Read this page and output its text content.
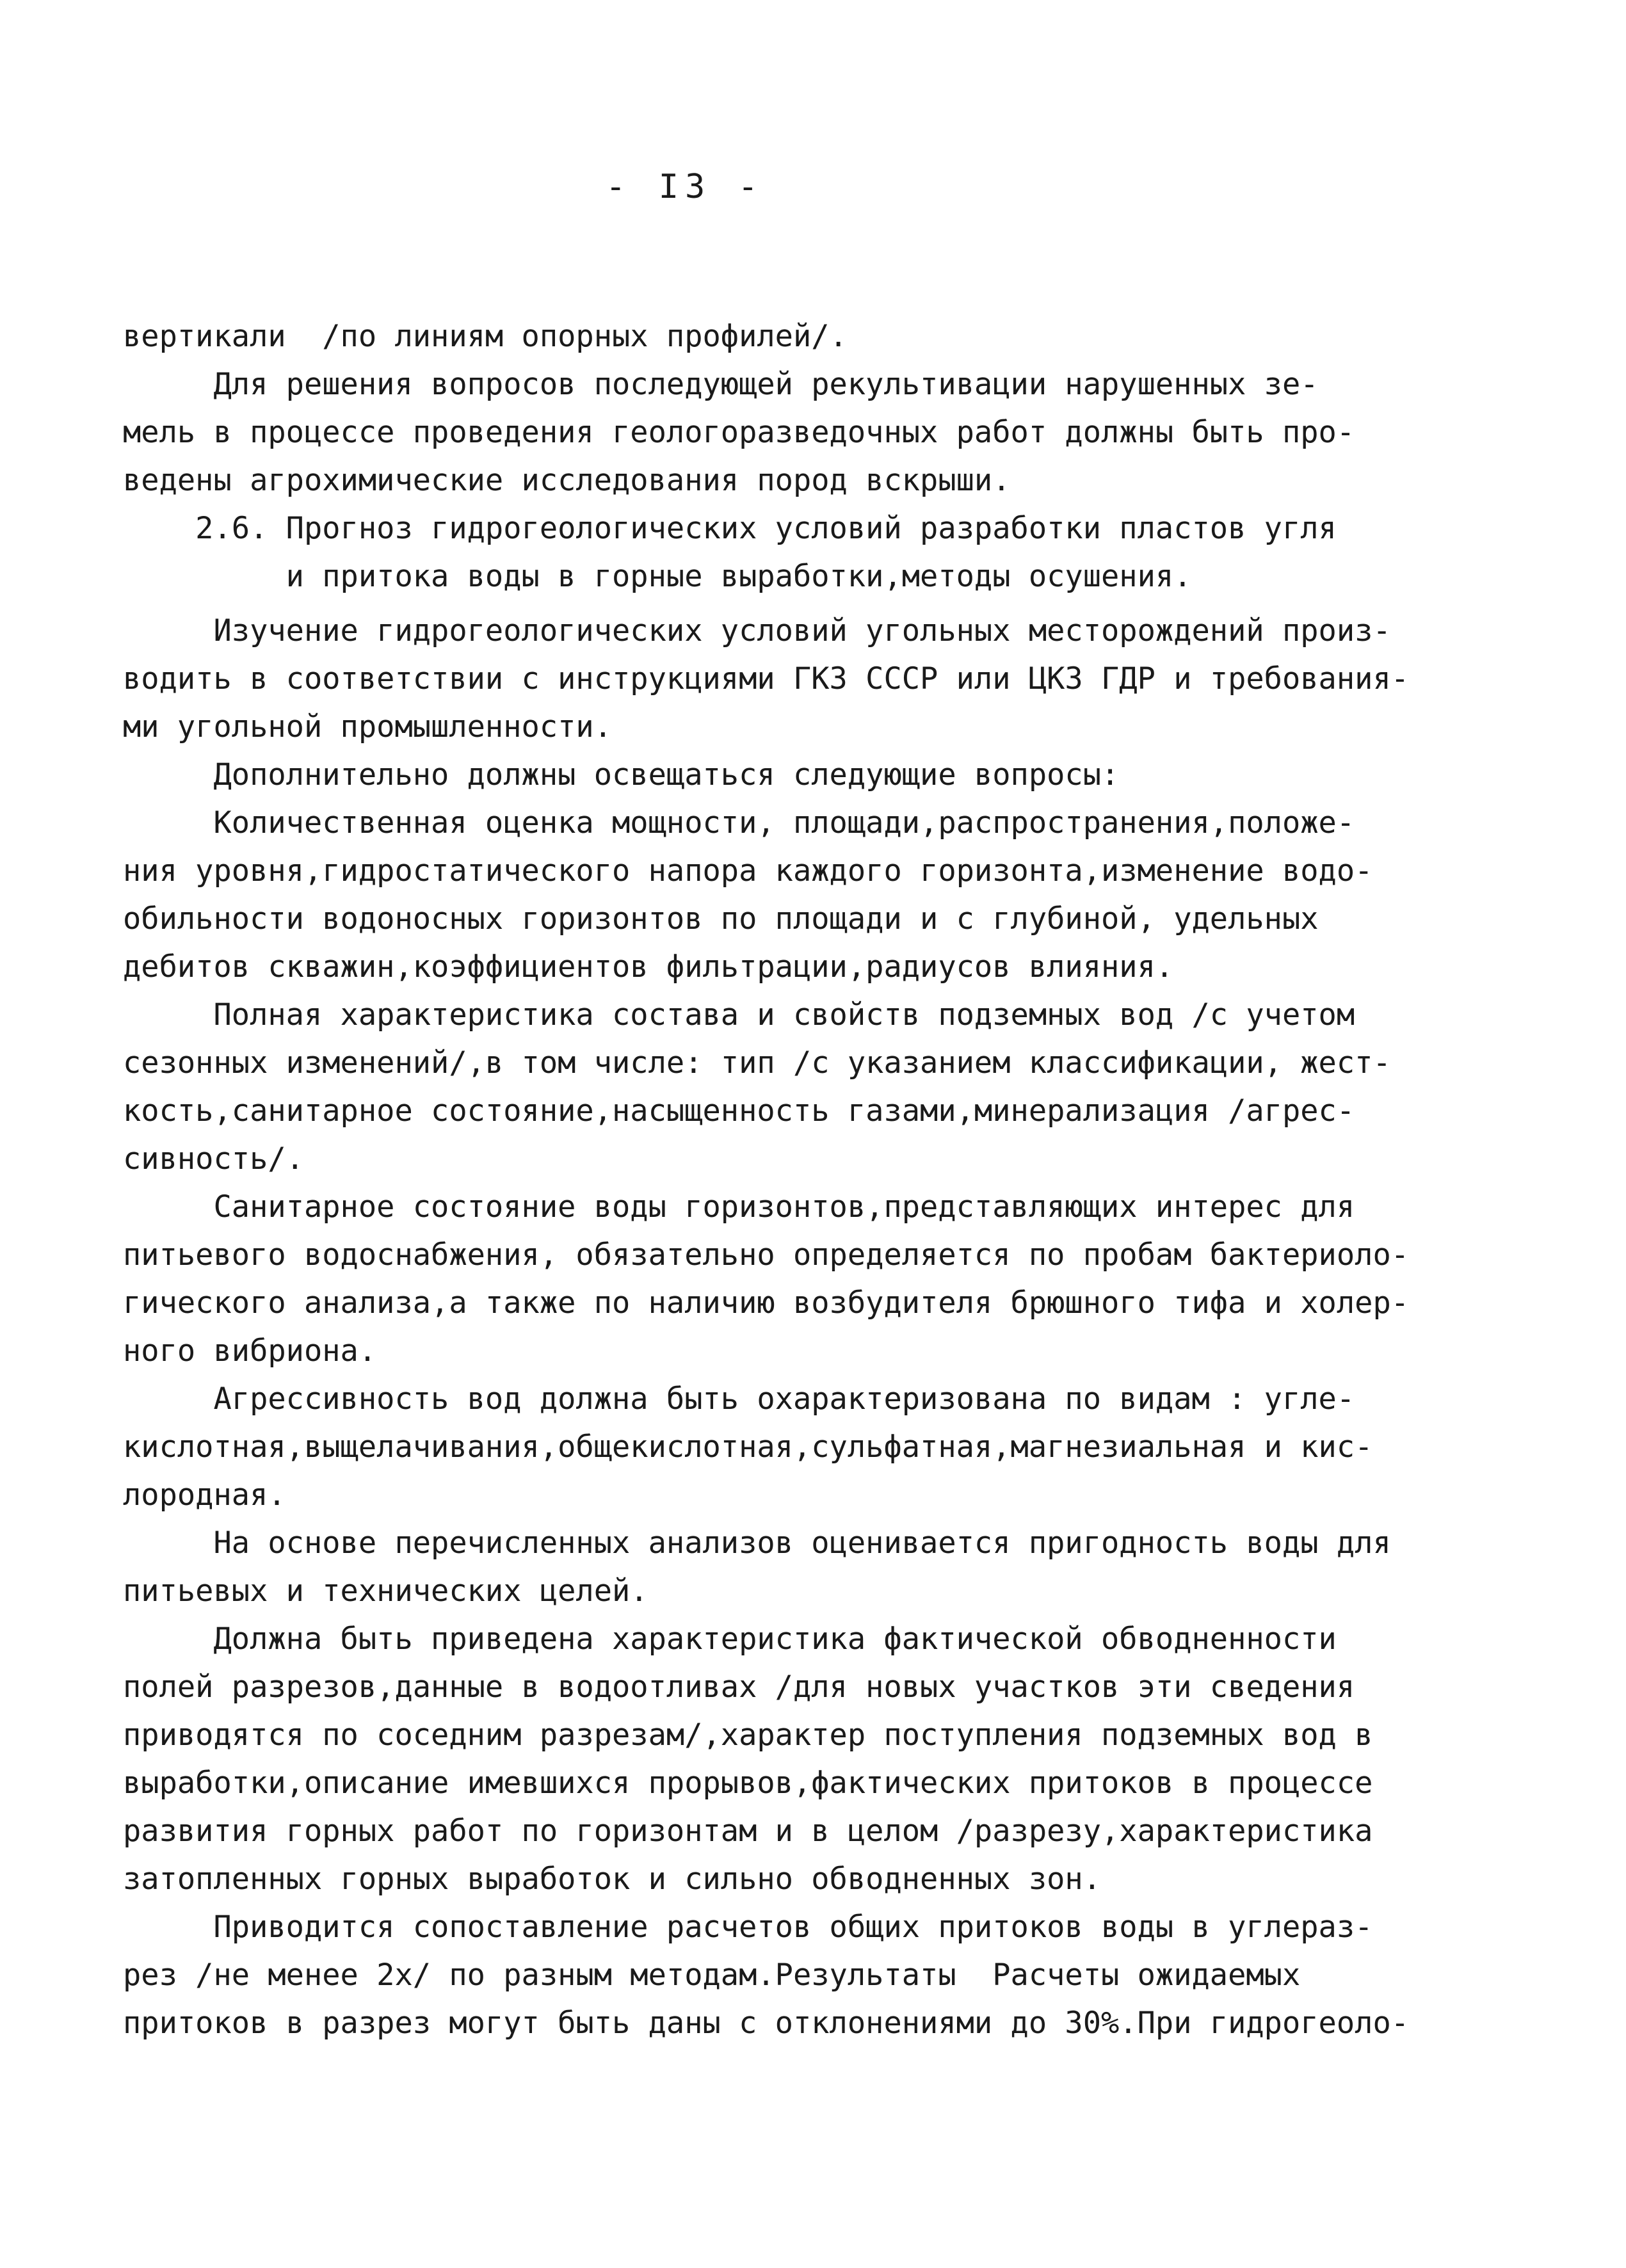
- I3 -
вертикали  /по линиям опорных профилей/.
Для решения вопросов последующей рекультивации нарушенных зе-
мель в процессе проведения геологоразведочных работ должны быть про-
ведены агрохимические исследования пород вскрыши.
2.6. Прогноз гидрогеологических условий разработки пластов угля
и притока воды в горные выработки,методы осушения.
Изучение гидрогеологических условий угольных месторождений произ-
водить в соответствии с инструкциями ГКЗ СССР или ЦКЗ ГДР и требования-
ми угольной промышленности.
Дополнительно должны освещаться следующие вопросы:
Количественная оценка мощности, площади,распространения,положе-
ния уровня,гидростатического напора каждого горизонта,изменение водо-
обильности водоносных горизонтов по площади и с глубиной, удельных
дебитов скважин,коэффициентов фильтрации,радиусов влияния.
Полная характеристика состава и свойств подземных вод /с учетом
сезонных изменений/,в том числе: тип /с указанием классификации, жест-
кость,санитарное состояние,насыщенность газами,минерализация /агрес-
сивность/.
Санитарное состояние воды горизонтов,представляющих интерес для
питьевого водоснабжения, обязательно определяется по пробам бактериоло-
гического анализа,а также по наличию возбудителя брюшного тифа и холер-
ного вибриона.
Агрессивность вод должна быть охарактеризована по видам : угле-
кислотная,выщелачивания,общекислотная,сульфатная,магнезиальная и кис-
лородная.
На основе перечисленных анализов оценивается пригодность воды для
питьевых и технических целей.
Должна быть приведена характеристика фактической обводненности
полей разрезов,данные в водоотливах /для новых участков эти сведения
приводятся по соседним разрезам/,характер поступления подземных вод в
выработки,описание имевшихся прорывов,фактических притоков в процессе
развития горных работ по горизонтам и в целом /разрезу,характеристика
затопленных горных выработок и сильно обводненных зон.
Приводится сопоставление расчетов общих притоков воды в углераз-
рез /не менее 2х/ по разным методам.Результаты  Расчеты ожидаемых
притоков в разрез могут быть даны с отклонениями до 30%.При гидрогеоло-
